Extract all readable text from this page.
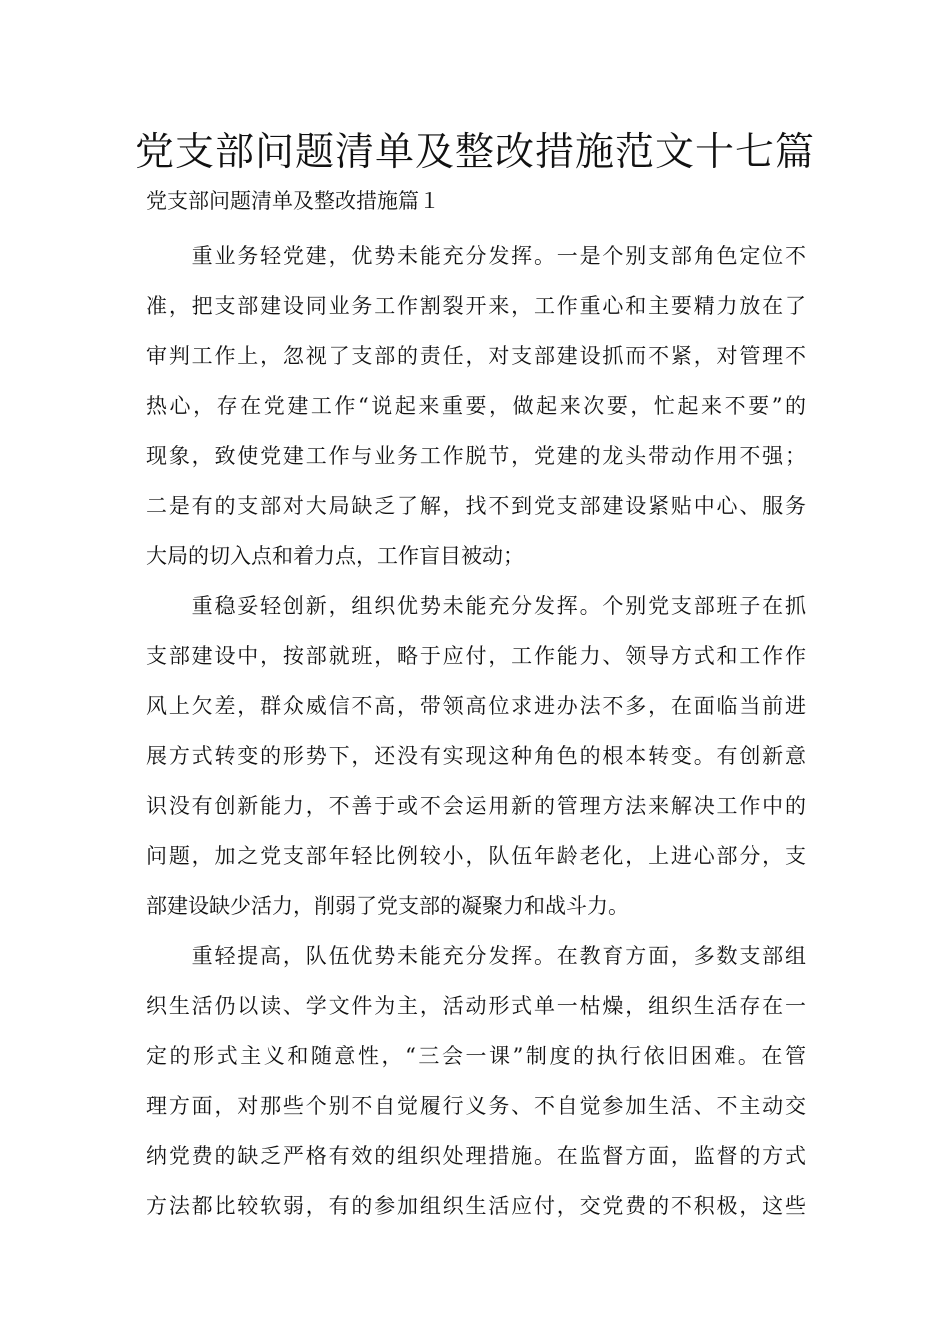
党支部问题清单及整改措施范文十七篇
党支部问题清单及整改措施篇１

　　重业务轻党建，优势未能充分发挥。一是个别支部角色定位不
准，把支部建设同业务工作割裂开来，工作重心和主要精力放在了
审判工作上，忽视了支部的责任，对支部建设抓而不紧，对管理不
热心，存在党建工作“说起来重要，做起来次要，忙起来不要”的
现象，致使党建工作与业务工作脱节，党建的龙头带动作用不强；
二是有的支部对大局缺乏了解，找不到党支部建设紧贴中心、服务
大局的切入点和着力点，工作盲目被动；

　　重稳妥轻创新，组织优势未能充分发挥。个别党支部班子在抓
支部建设中，按部就班，略于应付，工作能力、领导方式和工作作
风上欠差，群众威信不高，带领高位求进办法不多，在面临当前进
展方式转变的形势下，还没有实现这种角色的根本转变。有创新意
识没有创新能力，不善于或不会运用新的管理方法来解决工作中的
问题，加之党支部年轻比例较小，队伍年龄老化，上进心部分，支
部建设缺少活力，削弱了党支部的凝聚力和战斗力。

　　重轻提高，队伍优势未能充分发挥。在教育方面，多数支部组
织生活仍以读、学文件为主，活动形式单一枯燥，组织生活存在一
定的形式主义和随意性，“三会一课”制度的执行依旧困难。在管
理方面，对那些个别不自觉履行义务、不自觉参加生活、不主动交
纳党费的缺乏严格有效的组织处理措施。在监督方面，监督的方式
方法都比较软弱，有的参加组织生活应付，交党费的不积极，这些
